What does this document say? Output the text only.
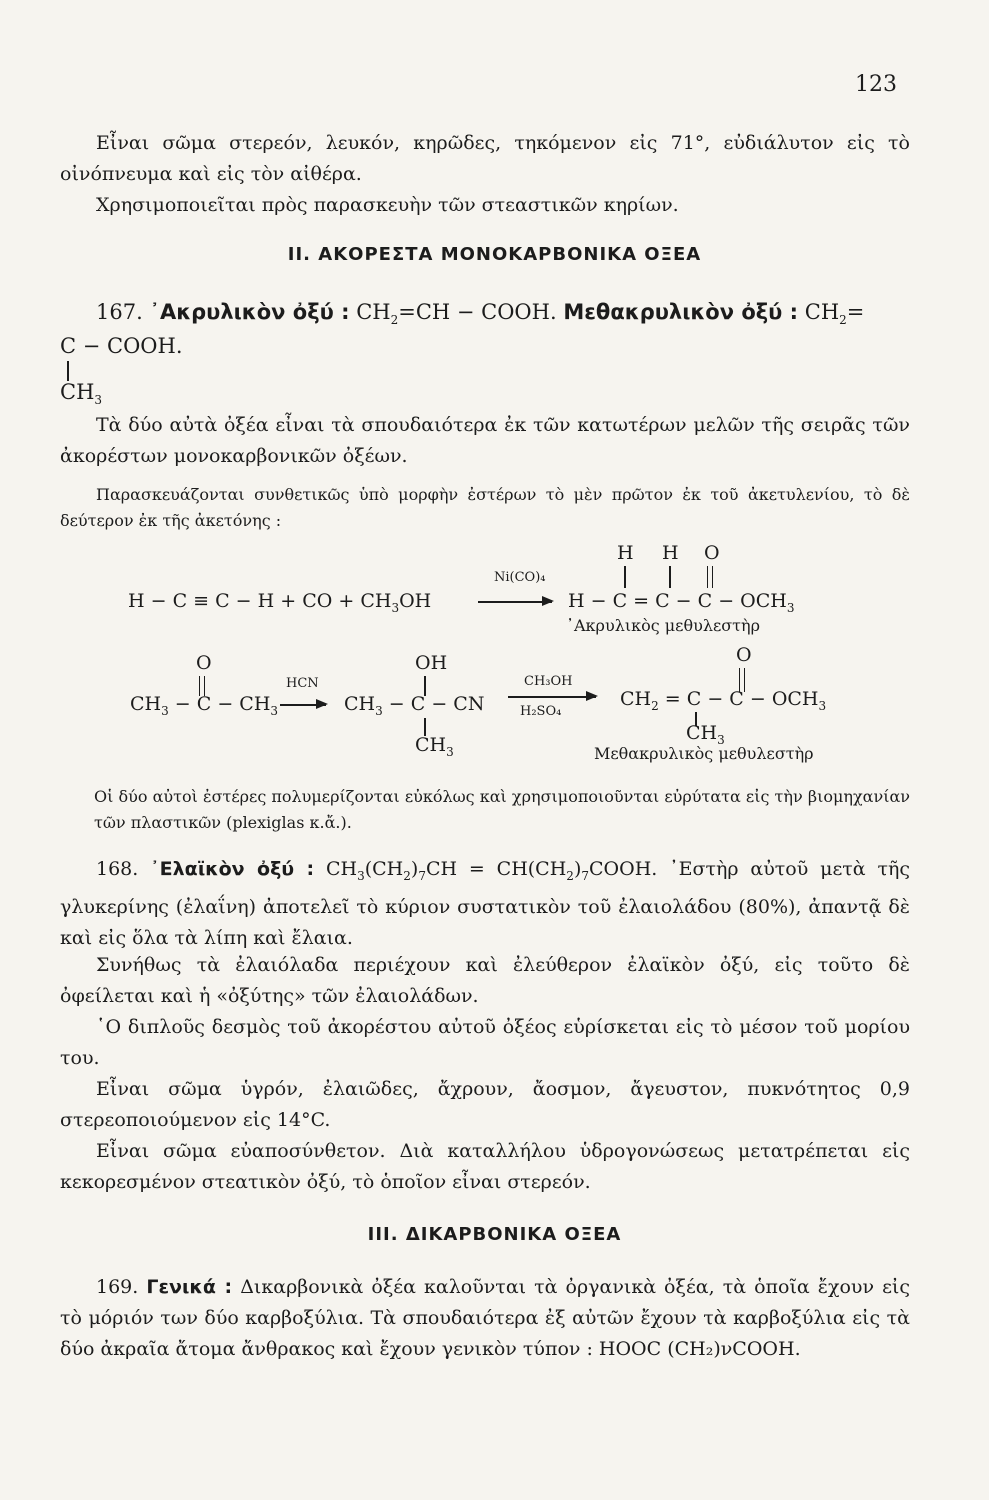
123

Εἶναι σῶμα στερεόν, λευκόν, κηρῶδες, τηκόμενον εἰς 71°, εὐδιάλυτον εἰς τὸ οἰνόπνευμα καὶ εἰς τὸν αἰθέρα.

Χρησιμοποιεῖται πρὸς παρασκευὴν τῶν στεαστικῶν κηρίων.

II. ΑΚΟΡΕΣΤΑ ΜΟΝΟΚΑΡΒΟΝΙΚΑ ΟΞΕΑ
167. ᾿Ακρυλικὸν ὀξύ : $CH_2=CH$ − COOH. Μεθακρυλικὸν ὀξύ : $CH_2=$
C − COOH.
$CH_3$

Τὰ δύο αὐτὰ ὀξέα εἶναι τὰ σπουδαιότερα ἐκ τῶν κατωτέρων μελῶν τῆς σειρᾶς τῶν ἀκορέστων μονοκαρβονικῶν ὀξέων.

Παρασκευάζονται συνθετικῶς ὑπὸ μορφὴν ἐστέρων τὸ μὲν πρῶτον ἐκ τοῦ ἀκετυλενίου, τὸ δὲ δεύτερον ἐκ τῆς ἀκετόνης :

H − C ≡ C − H + CO + $CH_3OH$
Ni(CO)₄
H H O
$H - C = C - C - OCH_3$
᾿Ακρυλικὸς μεθυλεστὴρ
O
$CH_3 - C - CH_3$
HCN
OH
$CH_3 - C$ − CN
$CH_3$
CH₃OH
H₂SO₄
O
$CH_2 = C - C - OCH_3$
$CH_3$
Μεθακρυλικὸς μεθυλεστὴρ

Οἱ δύο αὐτοὶ ἐστέρες πολυμερίζονται εὐκόλως καὶ χρησιμοποιοῦνται εὐρύτατα εἰς τὴν βιομηχανίαν τῶν πλαστικῶν (plexiglas κ.ἄ.).

168. ᾿Ελαϊκὸν ὀξύ : $CH_3(CH_2)_7CH$ = $CH(CH_2)_7COOH$. ᾿Εστὴρ αὐτοῦ μετὰ τῆς γλυκερίνης (ἐλαΐνη) ἀποτελεῖ τὸ κύριον συστατικὸν τοῦ ἐλαιολάδου (80%), ἀπαντᾷ δὲ καὶ εἰς ὅλα τὰ λίπη καὶ ἔλαια.

Συνήθως τὰ ἐλαιόλαδα περιέχουν καὶ ἐλεύθερον ἐλαϊκὸν ὀξύ, εἰς τοῦτο δὲ ὀφείλεται καὶ ἡ «ὀξύτης» τῶν ἐλαιολάδων.

῾Ο διπλοῦς δεσμὸς τοῦ ἀκορέστου αὐτοῦ ὀξέος εὑρίσκεται εἰς τὸ μέσον τοῦ μορίου του.

Εἶναι σῶμα ὑγρόν, ἐλαιῶδες, ἄχρουν, ἄοσμον, ἄγευστον, πυκνότητος 0,9 στερεοποιούμενον εἰς 14°C.

Εἶναι σῶμα εὐαποσύνθετον. Διὰ καταλλήλου ὑδρογονώσεως μετατρέπεται εἰς κεκορεσμένον στεατικὸν ὀξύ, τὸ ὁποῖον εἶναι στερεόν.

III. ΔΙΚΑΡΒΟΝΙΚΑ ΟΞΕΑ

169. Γενικά : Δικαρβονικὰ ὀξέα καλοῦνται τὰ ὀργανικὰ ὀξέα, τὰ ὁποῖα ἔχουν εἰς τὸ μόριόν των δύο καρβοξύλια. Τὰ σπουδαιότερα ἐξ αὐτῶν ἔχουν τὰ καρβοξύλια εἰς τὰ δύο ἀκραῖα ἄτομα ἄνθρακος καὶ ἔχουν γενικὸν τύπον : HOOC (CH₂)νCOOH.
